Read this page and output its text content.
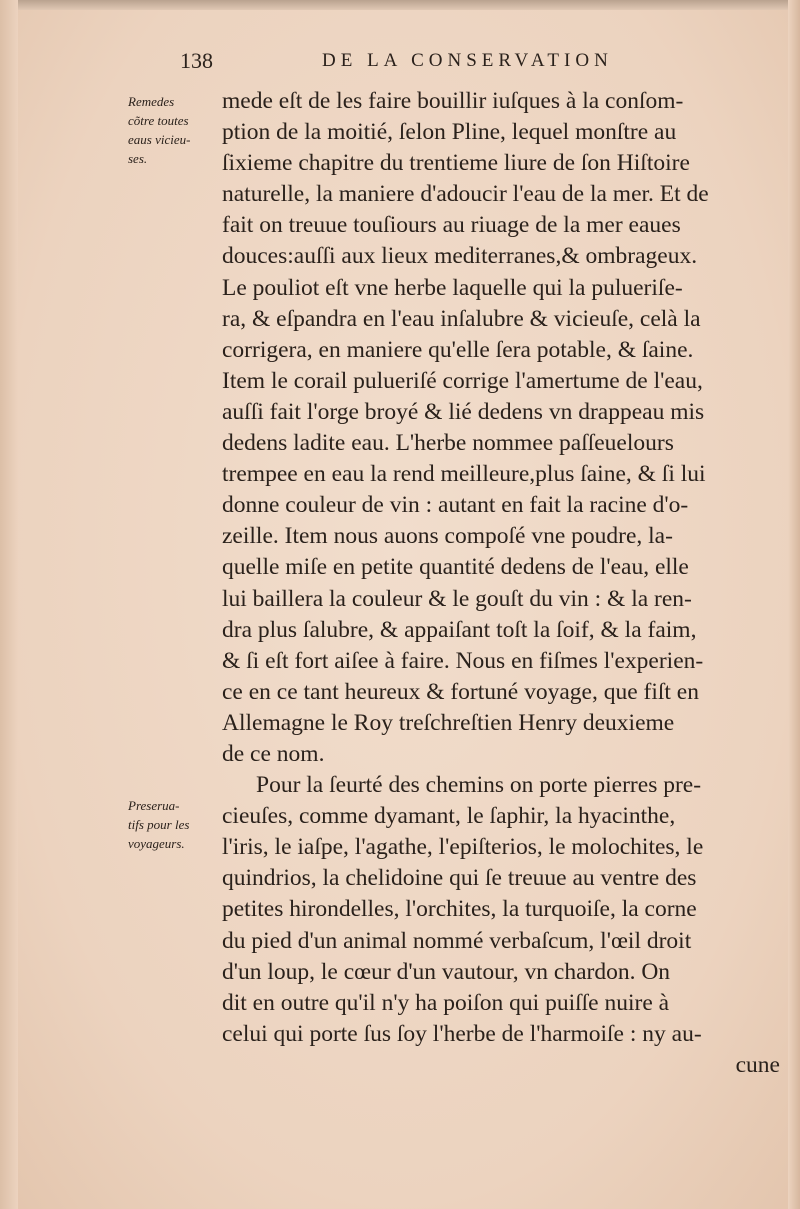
138	DE LA CONSERVATION
Remedes
cõtre toutes
eaus vicieu-
ses.
Preserua-
tifs pour les
voyageurs.
mede eſt de les faire bouillir iuſques à la conſom-
ption de la moitié, ſelon Pline, lequel monſtre au
ſixieme chapitre du trentieme liure de ſon Hiſtoire
naturelle, la maniere d'adoucir l'eau de la mer. Et de
fait on treuue touſiours au riuage de la mer eaues
douces:auſſi aux lieux mediterranes,& ombrageux.
Le pouliot eſt vne herbe laquelle qui la pulueriſe-
ra, & eſpandra en l'eau inſalubre & vicieuſe, celà la
corrigera, en maniere qu'elle ſera potable, & ſaine.
Item le corail pulueriſé corrige l'amertume de l'eau,
auſſi fait l'orge broyé & lié dedens vn drappeau mis
dedens ladite eau. L'herbe nommee paſſeuelours
trempee en eau la rend meilleure,plus ſaine, & ſi lui
donne couleur de vin : autant en fait la racine d'o-
zeille. Item nous auons compoſé vne poudre, la-
quelle miſe en petite quantité dedens de l'eau, elle
lui baillera la couleur & le gouſt du vin : & la ren-
dra plus ſalubre, & appaiſant toſt la ſoif, & la faim,
& ſi eſt fort aiſee à faire. Nous en fiſmes l'experien-
ce en ce tant heureux & fortuné voyage, que fiſt en
Allemagne le Roy treſchreſtien Henry deuxieme
de ce nom.
Pour la ſeurté des chemins on porte pierres pre-
cieuſes, comme dyamant, le ſaphir, la hyacinthe,
l'iris, le iaſpe, l'agathe, l'epiſterios, le molochites, le
quindrios, la chelidoine qui ſe treuue au ventre des
petites hirondelles, l'orchites, la turquoiſe, la corne
du pied d'un animal nommé verbaſcum, l'œil droit
d'un loup, le cœur d'un vautour, vn chardon. On
dit en outre qu'il n'y ha poiſon qui puiſſe nuire à
celui qui porte ſus ſoy l'herbe de l'harmoiſe : ny au-
cune
